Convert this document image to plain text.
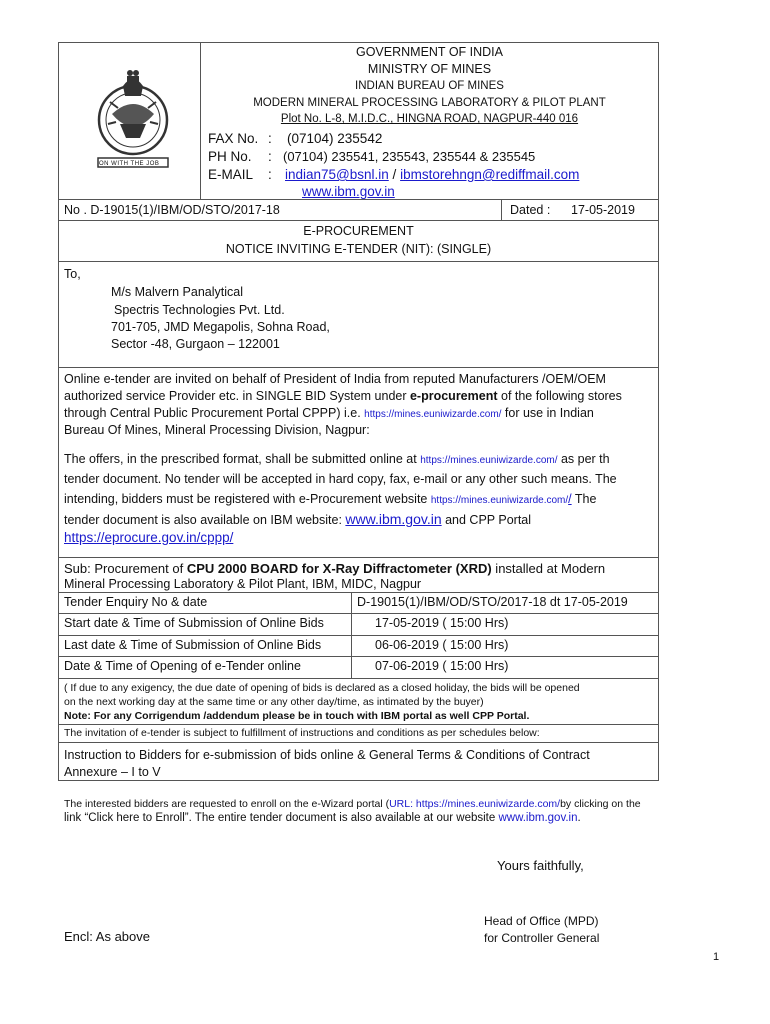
ON WITH THE JOB
GOVERNMENT OF INDIA
MINISTRY OF MINES
INDIAN BUREAU OF MINES
MODERN MINERAL PROCESSING LABORATORY & PILOT PLANT
Plot No. L-8, M.I.D.C., HINGNA ROAD, NAGPUR-440 016
FAX No. : (07104) 235542
PH No. : (07104) 235541, 235543, 235544 & 235545
E-MAIL : indian75@bsnl.in / ibmstorehngn@rediffmail.com
www.ibm.gov.in
No . D-19015(1)/IBM/OD/STO/2017-18	Dated : 17-05-2019
E-PROCUREMENT
NOTICE INVITING E-TENDER (NIT): (SINGLE)
To,
M/s Malvern Panalytical
Spectris Technologies Pvt. Ltd.
701-705, JMD Megapolis, Sohna Road,
Sector -48, Gurgaon – 122001
Online e-tender are invited on behalf of President of India from reputed Manufacturers /OEM/OEM
authorized service Provider etc. in SINGLE BID System under e-procurement of the following stores
through Central Public Procurement Portal CPPP) i.e. https://mines.euniwizarde.com/ for use in Indian
Bureau Of Mines, Mineral Processing Division, Nagpur:
The offers, in the prescribed format, shall be submitted online at https://mines.euniwizarde.com/ as per th
tender document. No tender will be accepted in hard copy, fax, e-mail or any other such means. The
intending, bidders must be registered with e-Procurement website https://mines.euniwizarde.com// The
tender document is also available on IBM website: www.ibm.gov.in and CPP Portal
https://eprocure.gov.in/cppp/
Sub: Procurement of CPU 2000 BOARD for X-Ray Diffractometer (XRD) installed at Modern
Mineral Processing Laboratory & Pilot Plant, IBM, MIDC, Nagpur
Tender Enquiry No & date	D-19015(1)/IBM/OD/STO/2017-18 dt 17-05-2019
Start date & Time of Submission of Online Bids	17-05-2019 ( 15:00 Hrs)
Last date & Time of Submission of Online Bids	06-06-2019 ( 15:00 Hrs)
Date & Time of Opening of e-Tender online	07-06-2019 ( 15:00 Hrs)
( If due to any exigency, the due date of opening of bids is declared as a closed holiday, the bids will be opened
on the next working day at the same time or any other day/time, as intimated by the buyer)
Note: For any Corrigendum /addendum please be in touch with IBM portal as well CPP Portal.
The invitation of e-tender is subject to fulfillment of instructions and conditions as per schedules below:
Instruction to Bidders for e-submission of bids online & General Terms & Conditions of Contract
Annexure – I to V
The interested bidders are requested to enroll on the e-Wizard portal (URL: https://mines.euniwizarde.com/by clicking on the
link “Click here to Enroll”. The entire tender document is also available at our website www.ibm.gov.in.
Yours faithfully,
Head of Office (MPD)
for Controller General
Encl: As above
1
